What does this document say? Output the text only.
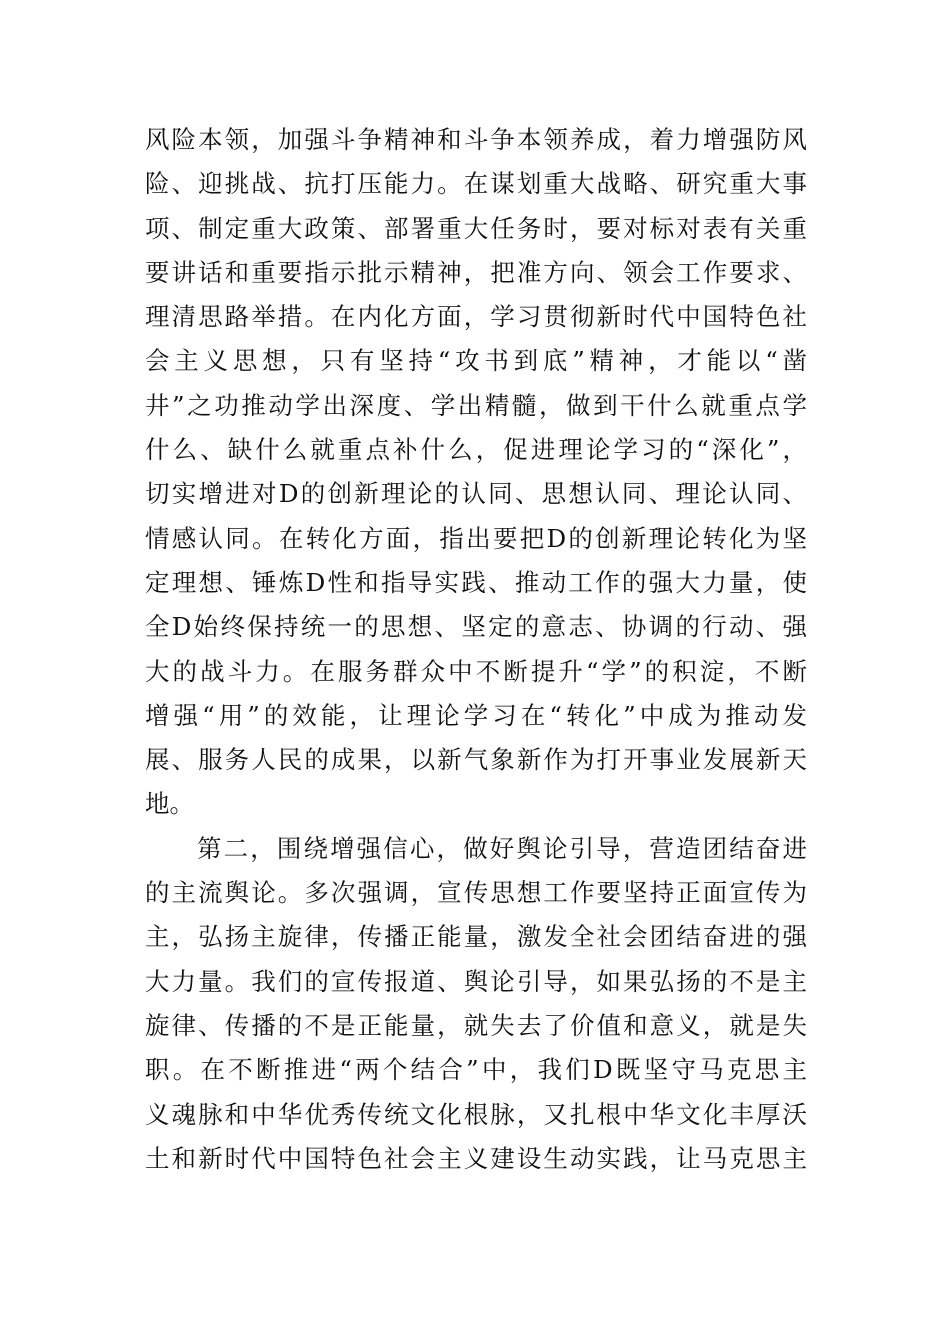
风险本领，加强斗争精神和斗争本领养成，着力增强防风
险、迎挑战、抗打压能力。在谋划重大战略、研究重大事
项、制定重大政策、部署重大任务时，要对标对表有关重
要讲话和重要指示批示精神，把准方向、领会工作要求、
理清思路举措。在内化方面，学习贯彻新时代中国特色社
会主义思想，只有坚持“攻书到底”精神，才能以“凿
井”之功推动学出深度、学出精髓，做到干什么就重点学
什么、缺什么就重点补什么，促进理论学习的“深化”，
切实增进对D的创新理论的认同、思想认同、理论认同、
情感认同。在转化方面，指出要把D的创新理论转化为坚
定理想、锤炼D性和指导实践、推动工作的强大力量，使
全D始终保持统一的思想、坚定的意志、协调的行动、强
大的战斗力。在服务群众中不断提升“学”的积淀，不断
增强“用”的效能，让理论学习在“转化”中成为推动发
展、服务人民的成果，以新气象新作为打开事业发展新天
地。
第二，围绕增强信心，做好舆论引导，营造团结奋进
的主流舆论。多次强调，宣传思想工作要坚持正面宣传为
主，弘扬主旋律，传播正能量，激发全社会团结奋进的强
大力量。我们的宣传报道、舆论引导，如果弘扬的不是主
旋律、传播的不是正能量，就失去了价值和意义，就是失
职。在不断推进“两个结合”中，我们D既坚守马克思主
义魂脉和中华优秀传统文化根脉，又扎根中华文化丰厚沃
土和新时代中国特色社会主义建设生动实践，让马克思主
